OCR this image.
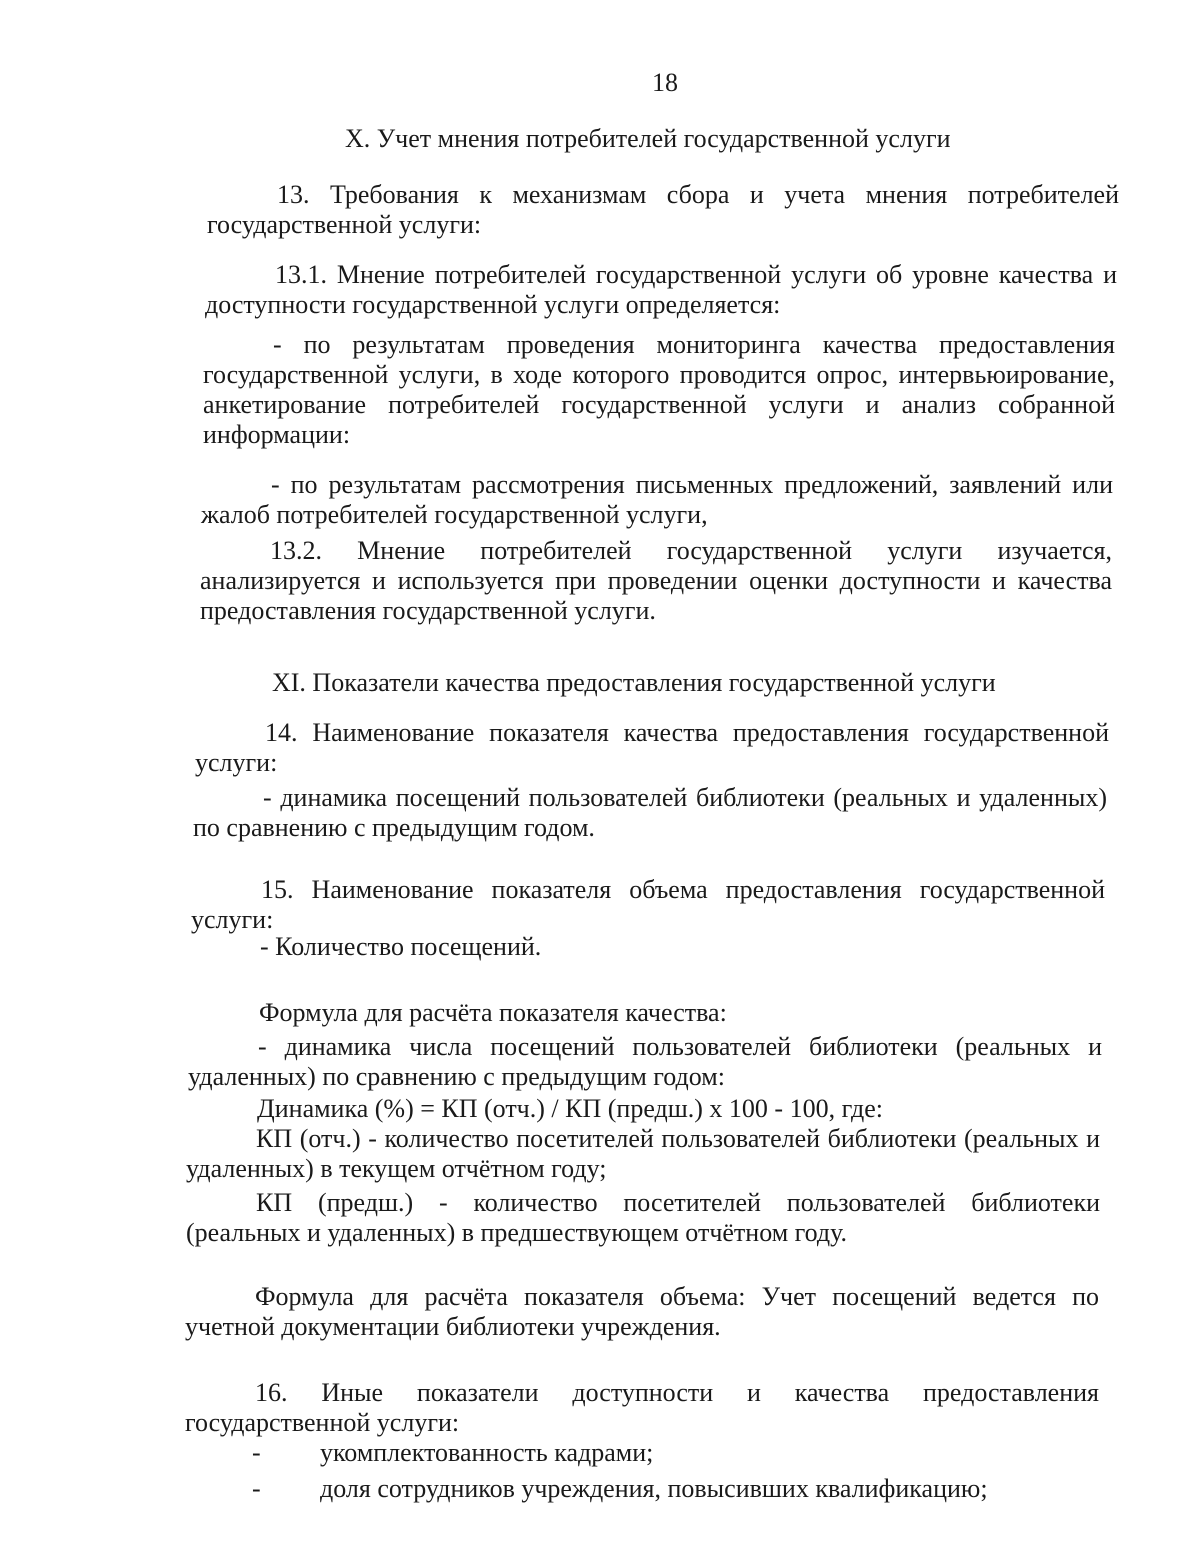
18
X. Учет мнения потребителей государственной услуги

13. Требования к механизмам сбора и учета мнения потребителей государственной услуги:

13.1. Мнение потребителей государственной услуги об уровне качества и доступности государственной услуги определяется:

- по результатам проведения мониторинга качества предоставления государственной услуги, в ходе которого проводится опрос, интервьюирование, анкетирование потребителей государственной услуги и анализ собранной информации:

- по результатам рассмотрения письменных предложений, заявлений или жалоб потребителей государственной услуги,

13.2. Мнение потребителей государственной услуги изучается, анализируется и используется при проведении оценки доступности и качества предоставления государственной услуги.

XI. Показатели качества предоставления государственной услуги

14. Наименование показателя качества предоставления государственной услуги:

- динамика посещений пользователей библиотеки (реальных и удаленных) по сравнению с предыдущим годом.

15. Наименование показателя объема предоставления государственной услуги:

- Количество посещений.

Формула для расчёта показателя качества:

- динамика числа посещений пользователей библиотеки (реальных и удаленных) по сравнению с предыдущим годом:

Динамика (%) = КП (отч.) / КП (предш.) х 100 - 100, где:

КП (отч.) - количество посетителей пользователей библиотеки (реальных и удаленных) в текущем отчётном году;

КП (предш.) - количество посетителей пользователей библиотеки (реальных и удаленных) в предшествующем отчётном году.

Формула для расчёта показателя объема: Учет посещений ведется по учетной документации библиотеки учреждения.

16. Иные показатели доступности и качества предоставления государственной услуги:

- укомплектованность кадрами;
- доля сотрудников учреждения, повысивших квалификацию;
